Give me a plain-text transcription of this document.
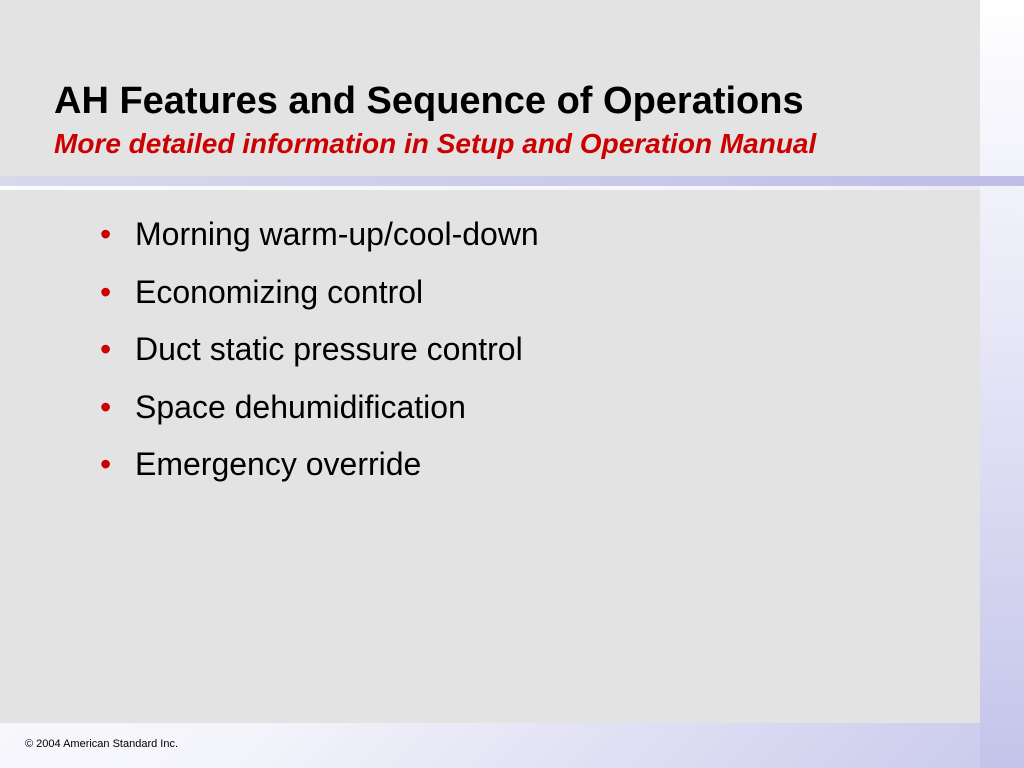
AH Features and Sequence of Operations
More detailed information in Setup and Operation Manual
• Morning warm-up/cool-down
• Economizing control
• Duct static pressure control
• Space dehumidification
• Emergency override

© 2004 American Standard Inc.
